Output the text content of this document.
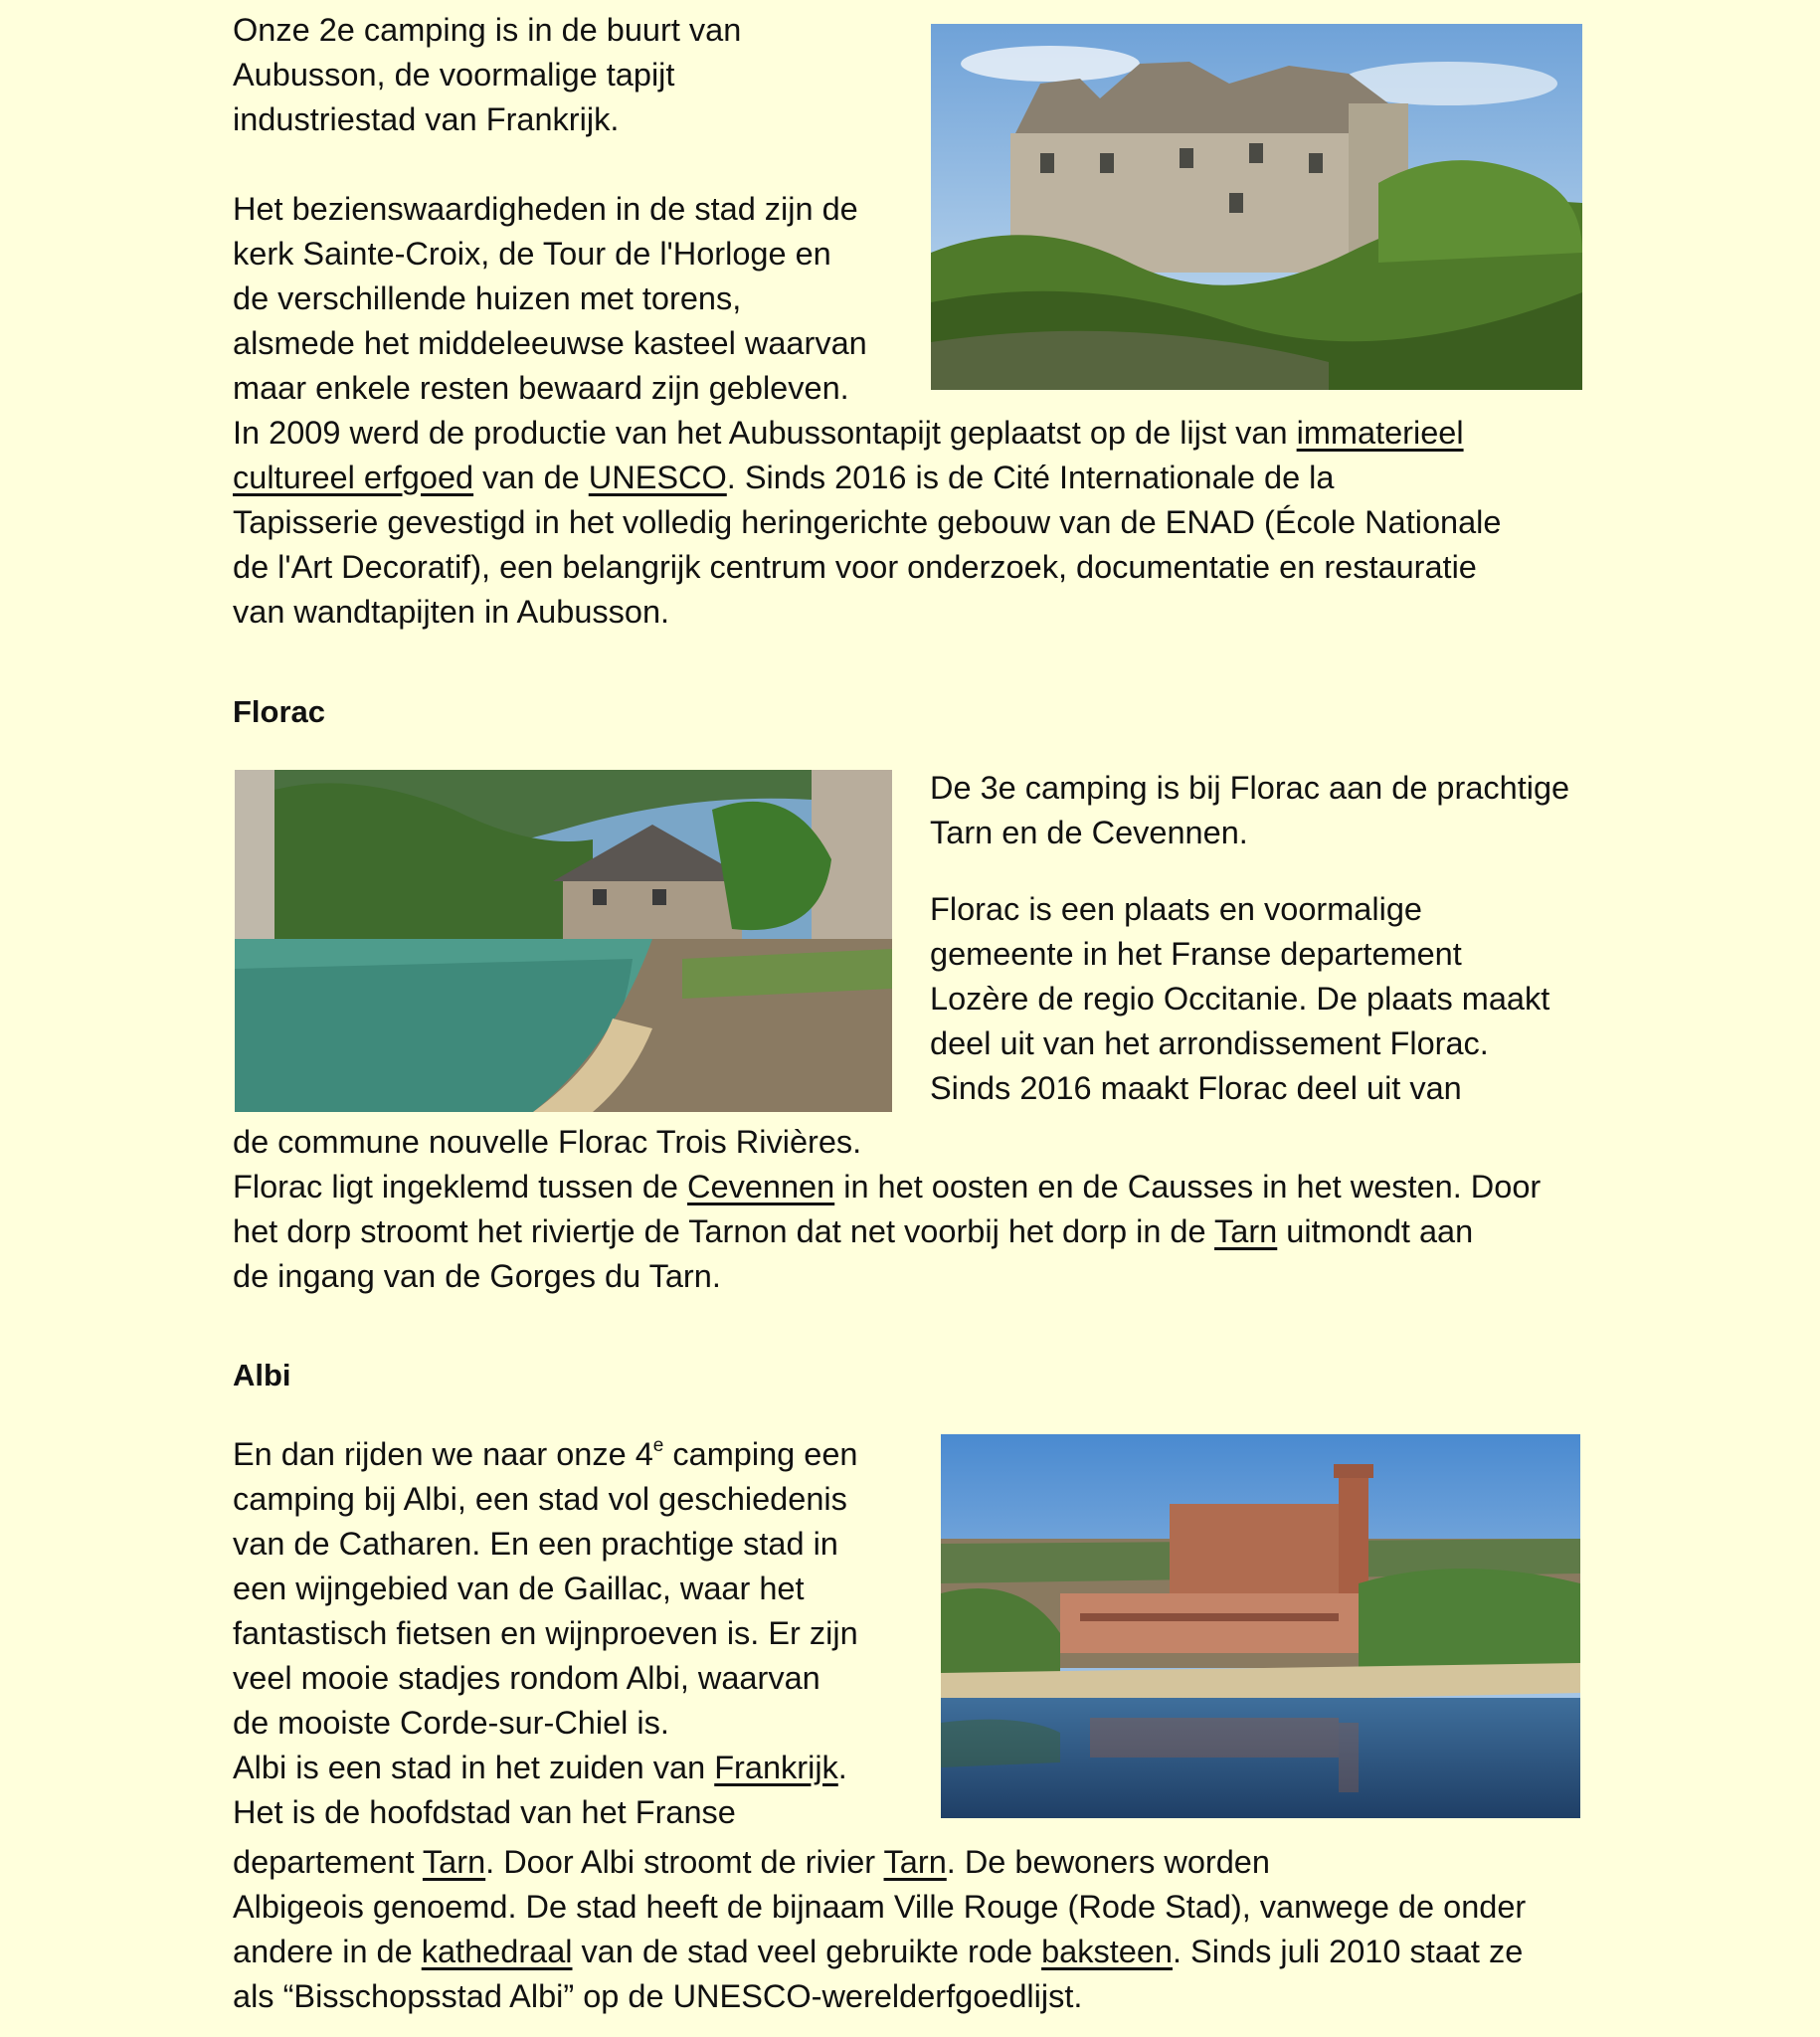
Onze 2e camping is in de buurt van
Aubusson, de voormalige tapijt
industriestad van Frankrijk.
Het bezienswaardigheden in de stad zijn de
kerk Sainte-Croix, de Tour de l'Horloge en
de verschillende huizen met torens,
alsmede het middeleeuwse kasteel waarvan
maar enkele resten bewaard zijn gebleven.
In 2009 werd de productie van het Aubussontapijt geplaatst op de lijst van immaterieel
cultureel erfgoed van de UNESCO. Sinds 2016 is de Cité Internationale de la
Tapisserie gevestigd in het volledig heringerichte gebouw van de ENAD (École Nationale
de l'Art Decoratif), een belangrijk centrum voor onderzoek, documentatie en restauratie
van wandtapijten in Aubusson.
Florac
De 3e camping is bij Florac aan de prachtige
Tarn en de Cevennen.
Florac is een plaats en voormalige
gemeente in het Franse departement
Lozère de regio Occitanie. De plaats maakt
deel uit van het arrondissement Florac.
Sinds 2016 maakt Florac deel uit van
de commune nouvelle Florac Trois Rivières.
Florac ligt ingeklemd tussen de Cevennen in het oosten en de Causses in het westen. Door
het dorp stroomt het riviertje de Tarnon dat net voorbij het dorp in de Tarn uitmondt aan
de ingang van de Gorges du Tarn.
Albi
En dan rijden we naar onze 4e camping een
camping bij Albi, een stad vol geschiedenis
van de Catharen. En een prachtige stad in
een wijngebied van de Gaillac, waar het
fantastisch fietsen en wijnproeven is. Er zijn
veel mooie stadjes rondom Albi, waarvan
de mooiste Corde-sur-Chiel is.
Albi is een stad in het zuiden van Frankrijk.
Het is de hoofdstad van het Franse
departement Tarn. Door Albi stroomt de rivier Tarn. De bewoners worden
Albigeois genoemd. De stad heeft de bijnaam Ville Rouge (Rode Stad), vanwege de onder
andere in de kathedraal van de stad veel gebruikte rode baksteen. Sinds juli 2010 staat ze
als “Bisschopsstad Albi” op de UNESCO-werelderfgoedlijst.
